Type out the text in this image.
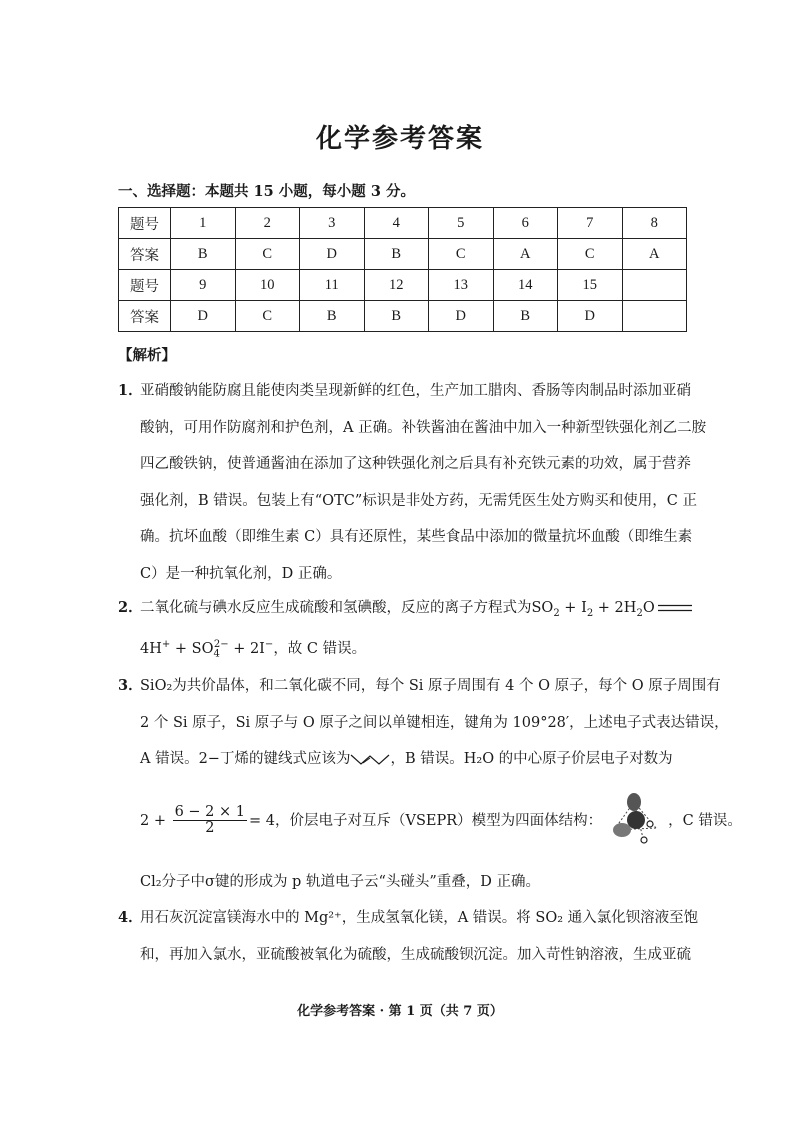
化学参考答案
一、选择题：本题共 15 小题，每小题 3 分。
题号	1	2	3	4	5	6	7	8
答案	B	C	D	B	C	A	C	A
题号	9	10	11	12	13	14	15	
答案	D	C	B	B	D	B	D	
【解析】
1．
亚硝酸钠能防腐且能使肉类呈现新鲜的红色，生产加工腊肉、香肠等肉制品时添加亚硝
酸钠，可用作防腐剂和护色剂，A 正确。补铁酱油在酱油中加入一种新型铁强化剂乙二胺
四乙酸铁钠，使普通酱油在添加了这种铁强化剂之后具有补充铁元素的功效，属于营养
强化剂，B 错误。包装上有“OTC”标识是非处方药，无需凭医生处方购买和使用，C 正
确。抗坏血酸（即维生素 C）具有还原性，某些食品中添加的微量抗坏血酸（即维生素
C）是一种抗氧化剂，D 正确。
2．
二氧化硫与碘水反应生成硫酸和氢碘酸，反应的离子方程式为$SO_2 + I_2 + 2H_2O$
$4H^+ + SO_4^{2-} + 2I^-$，故 C 错误。
3．
SiO₂为共价晶体，和二氧化碳不同，每个 Si 原子周围有 4 个 O 原子，每个 O 原子周围有
2 个 Si 原子，Si 原子与 O 原子之间以单键相连，键角为 109°28′，上述电子式表达错误，
A 错误。2−丁烯的键线式应该为	，B 错误。H₂O 的中心原子价层电子对数为
$2 + \frac{6 - 2 \times 1}{2} = 4$，价层电子对互斥（VSEPR）模型为四面体结构：	，C 错误。
Cl₂分子中σ键的形成为 p 轨道电子云“头碰头”重叠，D 正确。
4．
用石灰沉淀富镁海水中的 Mg²⁺，生成氢氧化镁，A 错误。将 SO₂ 通入氯化钡溶液至饱
和，再加入氯水，亚硫酸被氧化为硫酸，生成硫酸钡沉淀。加入苛性钠溶液，生成亚硫
化学参考答案 · 第 1 页（共 7 页）
